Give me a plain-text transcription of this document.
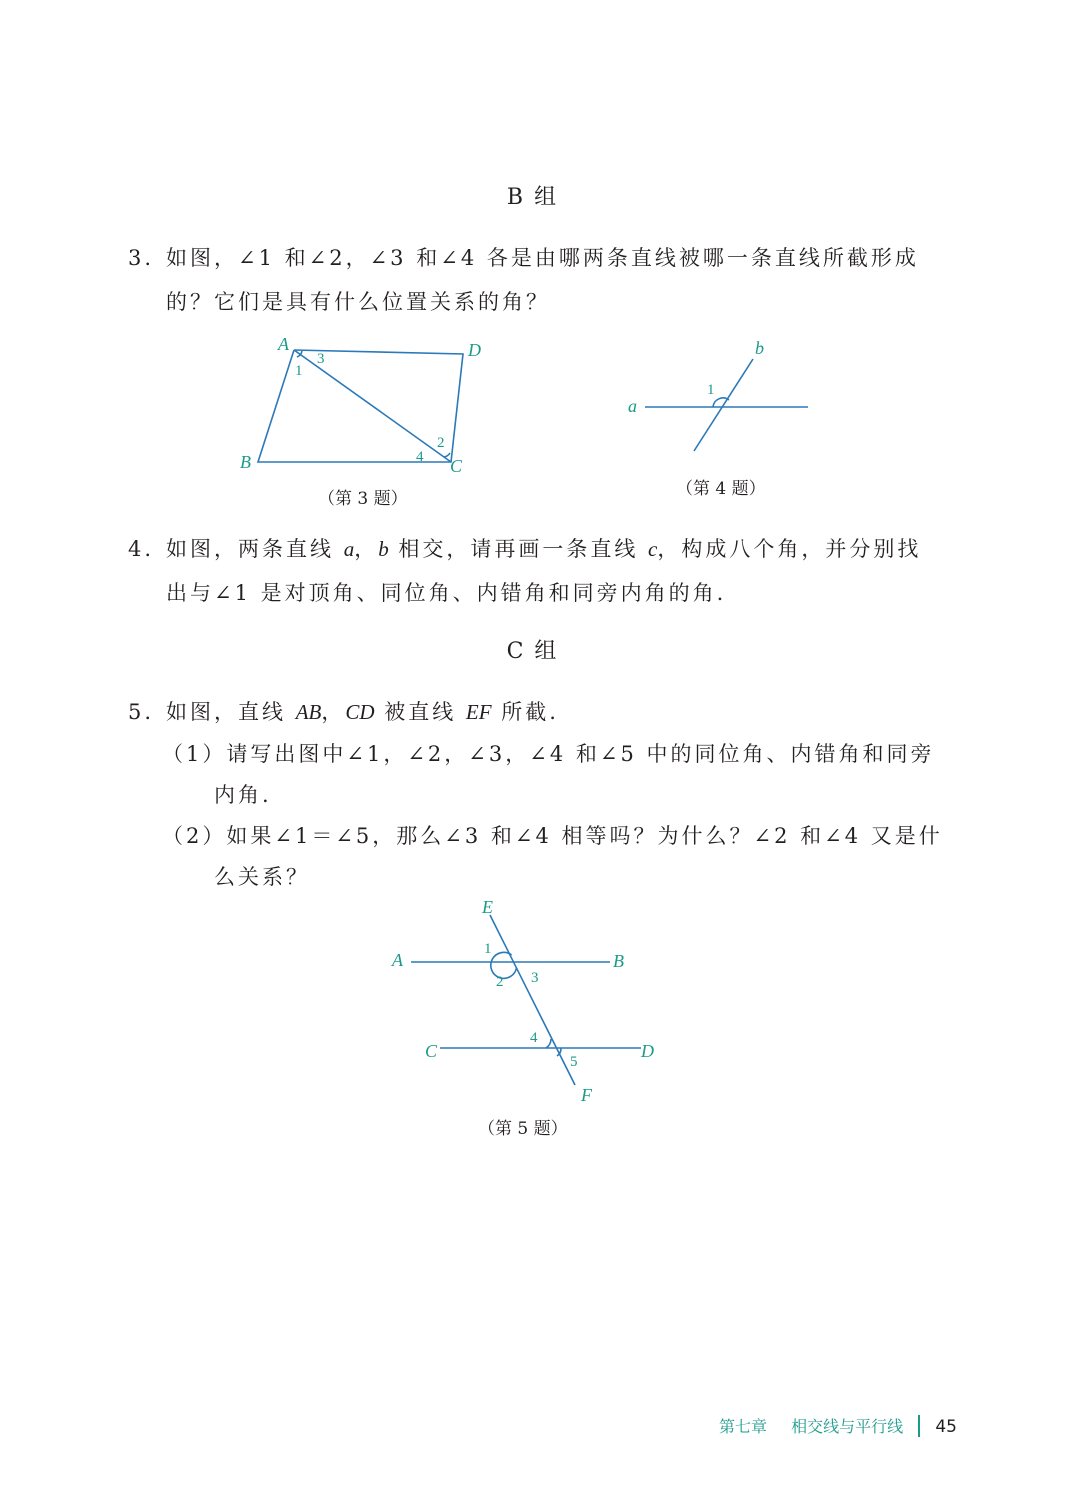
B 组
3. 如图，∠1 和∠2，∠3 和∠4 各是由哪两条直线被哪一条直线所截形成
的？它们是具有什么位置关系的角？
A	D
B	C
1
3
2
4
（第 3 题）
a
b
1
（第 4 题）
4. 如图，两条直线 a，b 相交，请再画一条直线 c，构成八个角，并分别找
出与∠1 是对顶角、同位角、内错角和同旁内角的角.
C 组
5. 如图，直线 AB，CD 被直线 EF 所截.
（1）请写出图中∠1，∠2，∠3，∠4 和∠5 中的同位角、内错角和同旁
内角.
（2）如果∠1＝∠5，那么∠3 和∠4 相等吗？为什么？∠2 和∠4 又是什
么关系？
E
A	B
C	D
F
1
2 3
4
5
（第 5 题）
第七章 相交线与平行线 45
